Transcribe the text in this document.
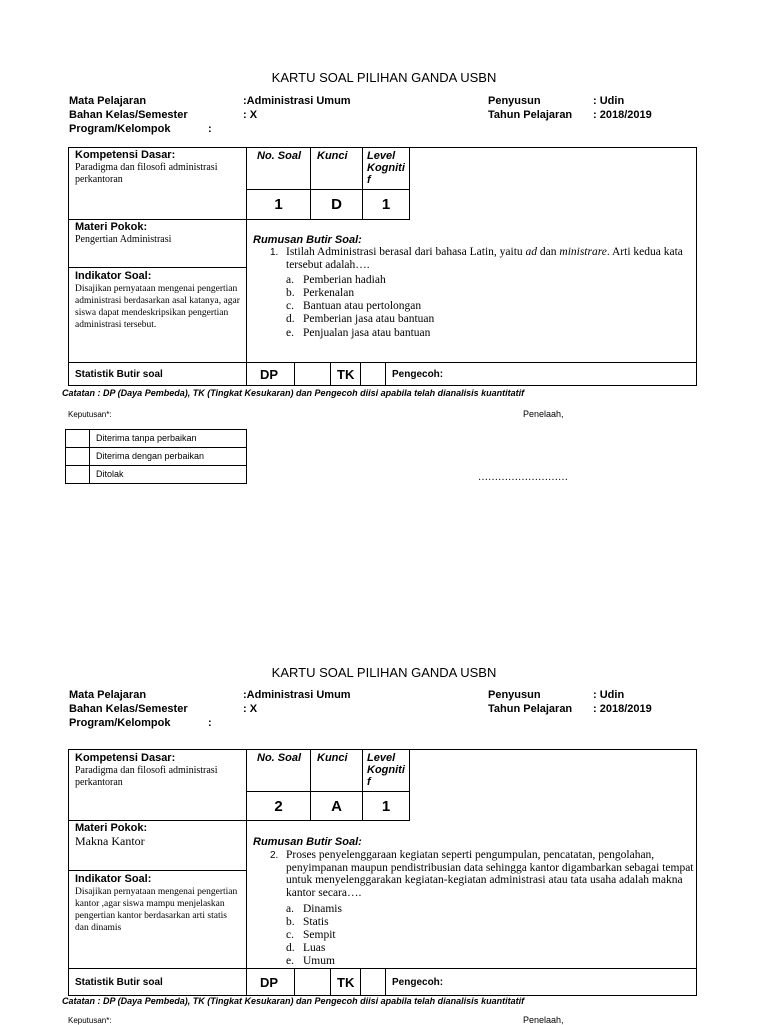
KARTU SOAL PILIHAN GANDA USBN
Mata Pelajaran	:Administrasi Umum
Bahan Kelas/Semester	: X
Program/Kelompok	:
Penyusun	: Udin
Tahun Pelajaran : 2018/2019
Kompetensi Dasar:
Paradigma dan filosofi administrasi perkantoran
No. Soal Kunci Level Kogniti f
1	D	1
Materi Pokok:
Pengertian Administrasi
Indikator Soal:
Disajikan pernyataan mengenai pengertian administrasi berdasarkan asal katanya, agar siswa dapat mendeskripsikan pengertian administrasi tersebut.
Rumusan Butir Soal:
1. Istilah Administrasi berasal dari bahasa Latin, yaitu ad dan ministrare. Arti kedua kata tersebut adalah….
a. Pemberian hadiah
b. Perkenalan
c. Bantuan atau pertolongan
d. Pemberian jasa atau bantuan
e. Penjualan jasa atau bantuan
Statistik Butir soal	DP	TK	Pengecoh:
Catatan : DP (Daya Pembeda), TK (Tingkat Kesukaran) dan Pengecoh diisi apabila telah dianalisis kuantitatif
Keputusan*:	Penelaah,
Diterima tanpa perbaikan
Diterima dengan perbaikan
Ditolak	………………………
KARTU SOAL PILIHAN GANDA USBN
Mata Pelajaran	:Administrasi Umum
Bahan Kelas/Semester	: X
Program/Kelompok	:
Penyusun	: Udin
Tahun Pelajaran : 2018/2019
Kompetensi Dasar:
Paradigma dan filosofi administrasi perkantoran
No. Soal Kunci Level Kogniti f
2	A	1
Materi Pokok:
Makna Kantor
Indikator Soal:
Disajikan pernyataan mengenai pengertian kantor ,agar siswa mampu menjelaskan pengertian kantor berdasarkan arti statis dan dinamis
Rumusan Butir Soal:
2. Proses penyelenggaraan kegiatan seperti pengumpulan, pencatatan, pengolahan, penyimpanan maupun pendistribusian data sehingga kantor digambarkan sebagai tempat untuk menyelenggarakan kegiatan-kegiatan administrasi atau tata usaha adalah makna kantor secara….
a. Dinamis
b. Statis
c. Sempit
d. Luas
e. Umum
Statistik Butir soal	DP	TK	Pengecoh:
Catatan : DP (Daya Pembeda), TK (Tingkat Kesukaran) dan Pengecoh diisi apabila telah dianalisis kuantitatif
Keputusan*:	Penelaah,
